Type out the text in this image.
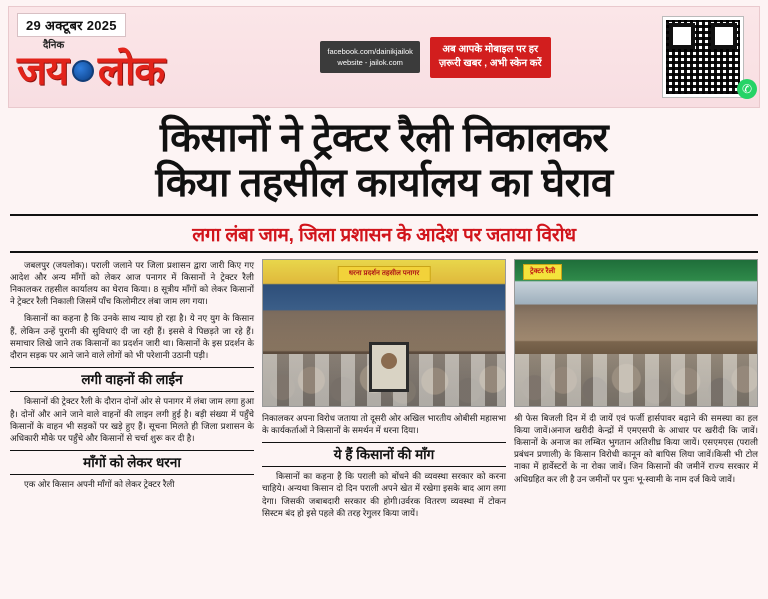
29 अक्टूबर 2025
दैनिक
जय लोक	facebook.com/dainikjailok
website - jailok.com
अब आपके मोबाइल पर हर
ज़रूरी खबर , अभी स्केन करें
✆
किसानों ने ट्रेक्टर रैली निकालकर
किया तहसील कार्यालय का घेराव
लगा लंबा जाम, जिला प्रशासन के आदेश पर जताया विरोध

जबलपुर (जयलोक)। पराली जलाने पर जिला प्रशासन द्वारा जारी किए गए आदेश और अन्य मॉंगों को लेकर आज पनागर में किसानों ने ट्रेक्टर रैली निकालकर तहसील कार्यालय का घेराव किया। 8 सूत्रीय मॉंगों को लेकर किसानों ने ट्रेक्टर रैली निकाली जिसमें पॉंच किलोमीटर लंबा जाम लग गया।

किसानों का कहना है कि उनके साथ न्याय हो रहा है। ये नए युग के किसान हैं, लेकिन उन्हें पुरानी की सुविधाएं दी जा रही हैं। इससे वे पिछड़ते जा रहे हैं। समाचार लिखे जाने तक किसानों का प्रदर्शन जारी था। किसानों के इस प्रदर्शन के दौरान सड़क पर आने जाने वाले लोगों को भी परेशानी उठानी पड़ी।

लगी वाहनों की लाईन

किसानों की ट्रेक्टर रैली के दौरान दोनों ओर से पनागर में लंबा जाम लगा हुआ है। दोनों और आने जाने वाले वाहनों की लाइन लगी हुई है। बड़ी संख्या में पहुँचे किसानों के वाहन भी सड़कों पर खड़े हुए हैं। सूचना मिलते ही जिला प्रशासन के अधिकारी मौके पर पहुँचे और किसानों से चर्चा शुरू कर दी है।

मॉंगों को लेकर धरना

एक ओर किसान अपनी मॉंगों को लेकर ट्रेक्टर रैली

धरना प्रदर्शन तहसील पनागर

निकालकर अपना विरोध जताया तो दूसरी ओर अखिल भारतीय ओबीसी महासभा के कार्यकर्ताओं ने किसानों के समर्थन में धरना दिया।

ये हैं किसानों की मॉंग

किसानों का कहना है कि पराली को बोंधने की व्यवस्था सरकार को करना चाहिये। अन्यथा किसान दो दिन पराली अपने खेत में रखेगा इसके बाद आग लगा देगा। जिसकी जबाबदारी सरकार की होगी।उर्वरक वितरण व्यवस्था में टोकन सिस्टम बंद हो इसे पहले की तरह रेगुलर किया जायें।

ट्रेक्टर रैली

श्री फेस बिजली दिन में दी जायें एवं फर्जी हार्सपावर बढ़ाने की समस्या का हल किया जावें।अनाज खरीदी केन्द्रों में एमएसपी के आधार पर खरीदी कि जावें।किसानों के अनाज का लम्बित भुगतान अतिशीघ्र किया जायें। एसएमएस (पराली प्रबंधन प्रणाली) के किसान विरोधी कानून को बापिस लिया जावें।किसी भी टोल नाका में हार्वेस्टरों के ना रोका जावें। जिन किसानों की जमीनें राज्य सरकार में अधिग्रहित कर ली है उन जमीनों पर पुनः भू-स्वामी के नाम दर्ज किये जावें।
